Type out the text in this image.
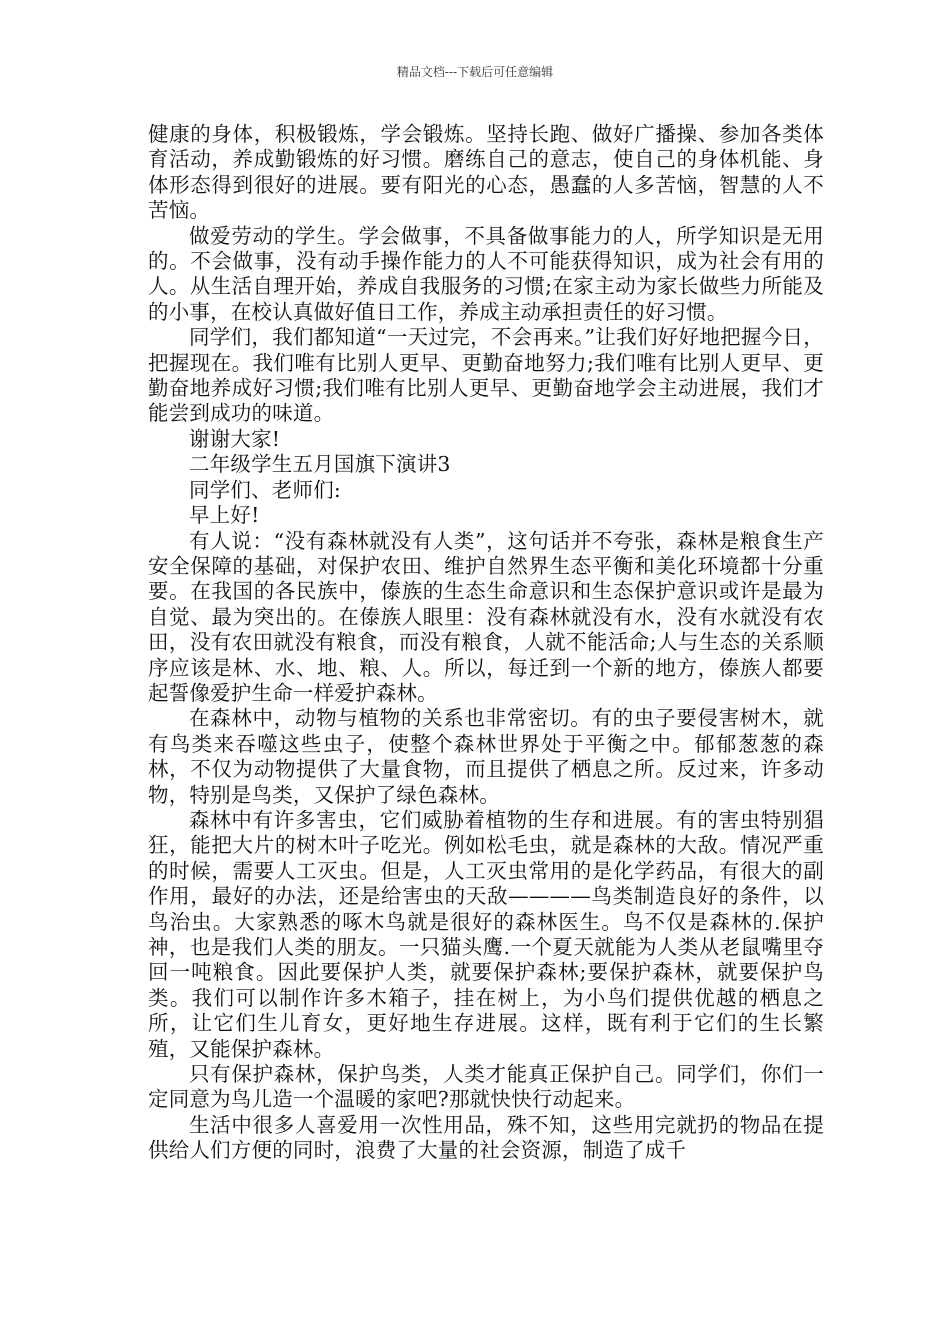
精品文档---下载后可任意编辑

健康的身体，积极锻炼，学会锻炼。坚持长跑、做好广播操、参加各类体育活动，养成勤锻炼的好习惯。磨练自己的意志，使自己的身体机能、身体形态得到很好的进展。要有阳光的心态，愚蠢的人多苦恼，智慧的人不苦恼。

做爱劳动的学生。学会做事，不具备做事能力的人，所学知识是无用的。不会做事，没有动手操作能力的人不可能获得知识，成为社会有用的人。从生活自理开始，养成自我服务的习惯;在家主动为家长做些力所能及的小事，在校认真做好值日工作，养成主动承担责任的好习惯。

同学们，我们都知道“一天过完，不会再来。”让我们好好地把握今日，把握现在。我们唯有比别人更早、更勤奋地努力;我们唯有比别人更早、更勤奋地养成好习惯;我们唯有比别人更早、更勤奋地学会主动进展，我们才能尝到成功的味道。

谢谢大家!

二年级学生五月国旗下演讲3

同学们、老师们:

早上好!

有人说：“没有森林就没有人类”，这句话并不夸张，森林是粮食生产安全保障的基础，对保护农田、维护自然界生态平衡和美化环境都十分重要。在我国的各民族中，傣族的生态生命意识和生态保护意识或许是最为自觉、最为突出的。在傣族人眼里：没有森林就没有水，没有水就没有农田，没有农田就没有粮食，而没有粮食，人就不能活命;人与生态的关系顺序应该是林、水、地、粮、人。所以，每迁到一个新的地方，傣族人都要起誓像爱护生命一样爱护森林。

在森林中，动物与植物的关系也非常密切。有的虫子要侵害树木，就有鸟类来吞噬这些虫子，使整个森林世界处于平衡之中。郁郁葱葱的森林，不仅为动物提供了大量食物，而且提供了栖息之所。反过来，许多动物，特别是鸟类，又保护了绿色森林。

森林中有许多害虫，它们威胁着植物的生存和进展。有的害虫特别猖狂，能把大片的树木叶子吃光。例如松毛虫，就是森林的大敌。情况严重的时候，需要人工灭虫。但是，人工灭虫常用的是化学药品，有很大的副作用，最好的办法，还是给害虫的天敌————鸟类制造良好的条件，以鸟治虫。大家熟悉的啄木鸟就是很好的森林医生。鸟不仅是森林的.保护神，也是我们人类的朋友。一只猫头鹰.一个夏天就能为人类从老鼠嘴里夺回一吨粮食。因此要保护人类，就要保护森林;要保护森林，就要保护鸟类。我们可以制作许多木箱子，挂在树上，为小鸟们提供优越的栖息之所，让它们生儿育女，更好地生存进展。这样，既有利于它们的生长繁殖，又能保护森林。

只有保护森林，保护鸟类，人类才能真正保护自己。同学们，你们一定同意为鸟儿造一个温暖的家吧?那就快快行动起来。

生活中很多人喜爱用一次性用品，殊不知，这些用完就扔的物品在提供给人们方便的同时，浪费了大量的社会资源，制造了成千
